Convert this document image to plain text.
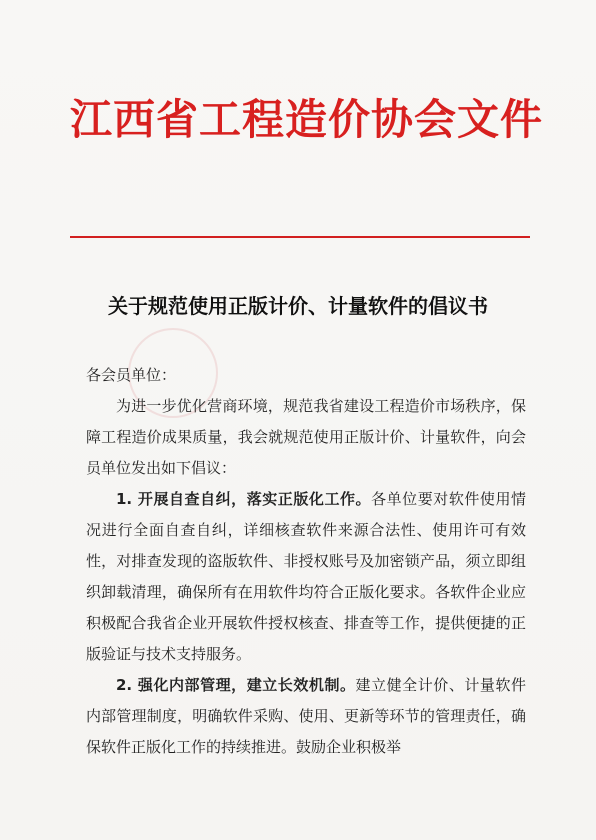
江西省工程造价协会文件
关于规范使用正版计价、计量软件的倡议书

各会员单位：

为进一步优化营商环境，规范我省建设工程造价市场秩序，保障工程造价成果质量，我会就规范使用正版计价、计量软件，向会员单位发出如下倡议：

1. 开展自查自纠，落实正版化工作。各单位要对软件使用情况进行全面自查自纠，详细核查软件来源合法性、使用许可有效性，对排查发现的盗版软件、非授权账号及加密锁产品，须立即组织卸载清理，确保所有在用软件均符合正版化要求。各软件企业应积极配合我省企业开展软件授权核查、排查等工作，提供便捷的正版验证与技术支持服务。

2. 强化内部管理，建立长效机制。建立健全计价、计量软件内部管理制度，明确软件采购、使用、更新等环节的管理责任，确保软件正版化工作的持续推进。鼓励企业积极举
